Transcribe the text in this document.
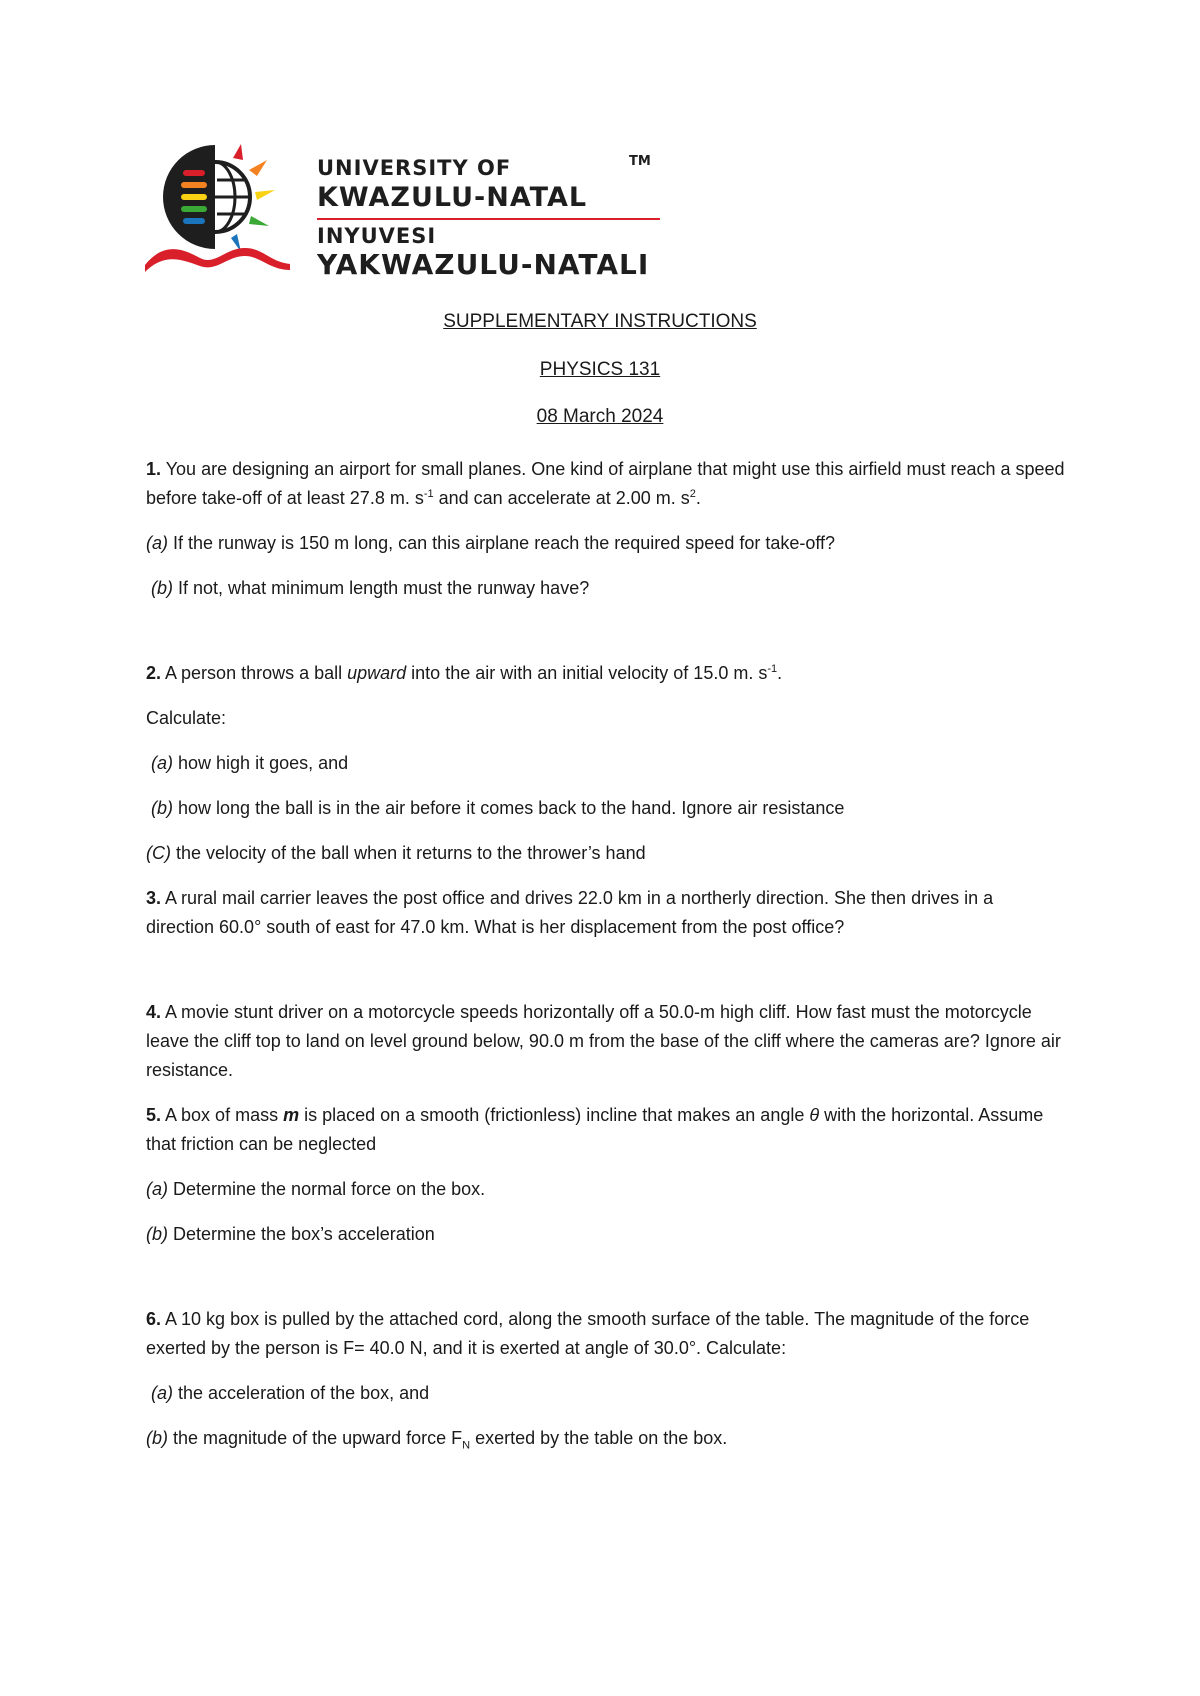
UNIVERSITY OF	TM
KWAZULU-NATAL
INYUVESI
YAKWAZULU-NATALI
SUPPLEMENTARY INSTRUCTIONS
PHYSICS 131
08 March 2024

1. You are designing an airport for small planes. One kind of airplane that might use this airfield must reach a speed before take-off of at least 27.8 m. $s^{-1}$ and can accelerate at 2.00 m. $s^2$.

(a) If the runway is 150 m long, can this airplane reach the required speed for take-off?

(b) If not, what minimum length must the runway have?

2. A person throws a ball upward into the air with an initial velocity of 15.0 m. $s^{-1}$.

Calculate:

(a) how high it goes, and

(b) how long the ball is in the air before it comes back to the hand. Ignore air resistance

(C) the velocity of the ball when it returns to the thrower’s hand

3. A rural mail carrier leaves the post office and drives 22.0 km in a northerly direction. She then drives in a direction 60.0° south of east for 47.0 km. What is her displacement from the post office?

4. A movie stunt driver on a motorcycle speeds horizontally off a 50.0-m high cliff. How fast must the motorcycle leave the cliff top to land on level ground below, 90.0 m from the base of the cliff where the cameras are? Ignore air resistance.

5. A box of mass m is placed on a smooth (frictionless) incline that makes an angle θ with the horizontal. Assume that friction can be neglected

(a) Determine the normal force on the box.

(b) Determine the box’s acceleration

6. A 10 kg box is pulled by the attached cord, along the smooth surface of the table. The magnitude of the force exerted by the person is F= 40.0 N, and it is exerted at angle of 30.0°. Calculate:

(a) the acceleration of the box, and

(b) the magnitude of the upward force $F_N$ exerted by the table on the box.
